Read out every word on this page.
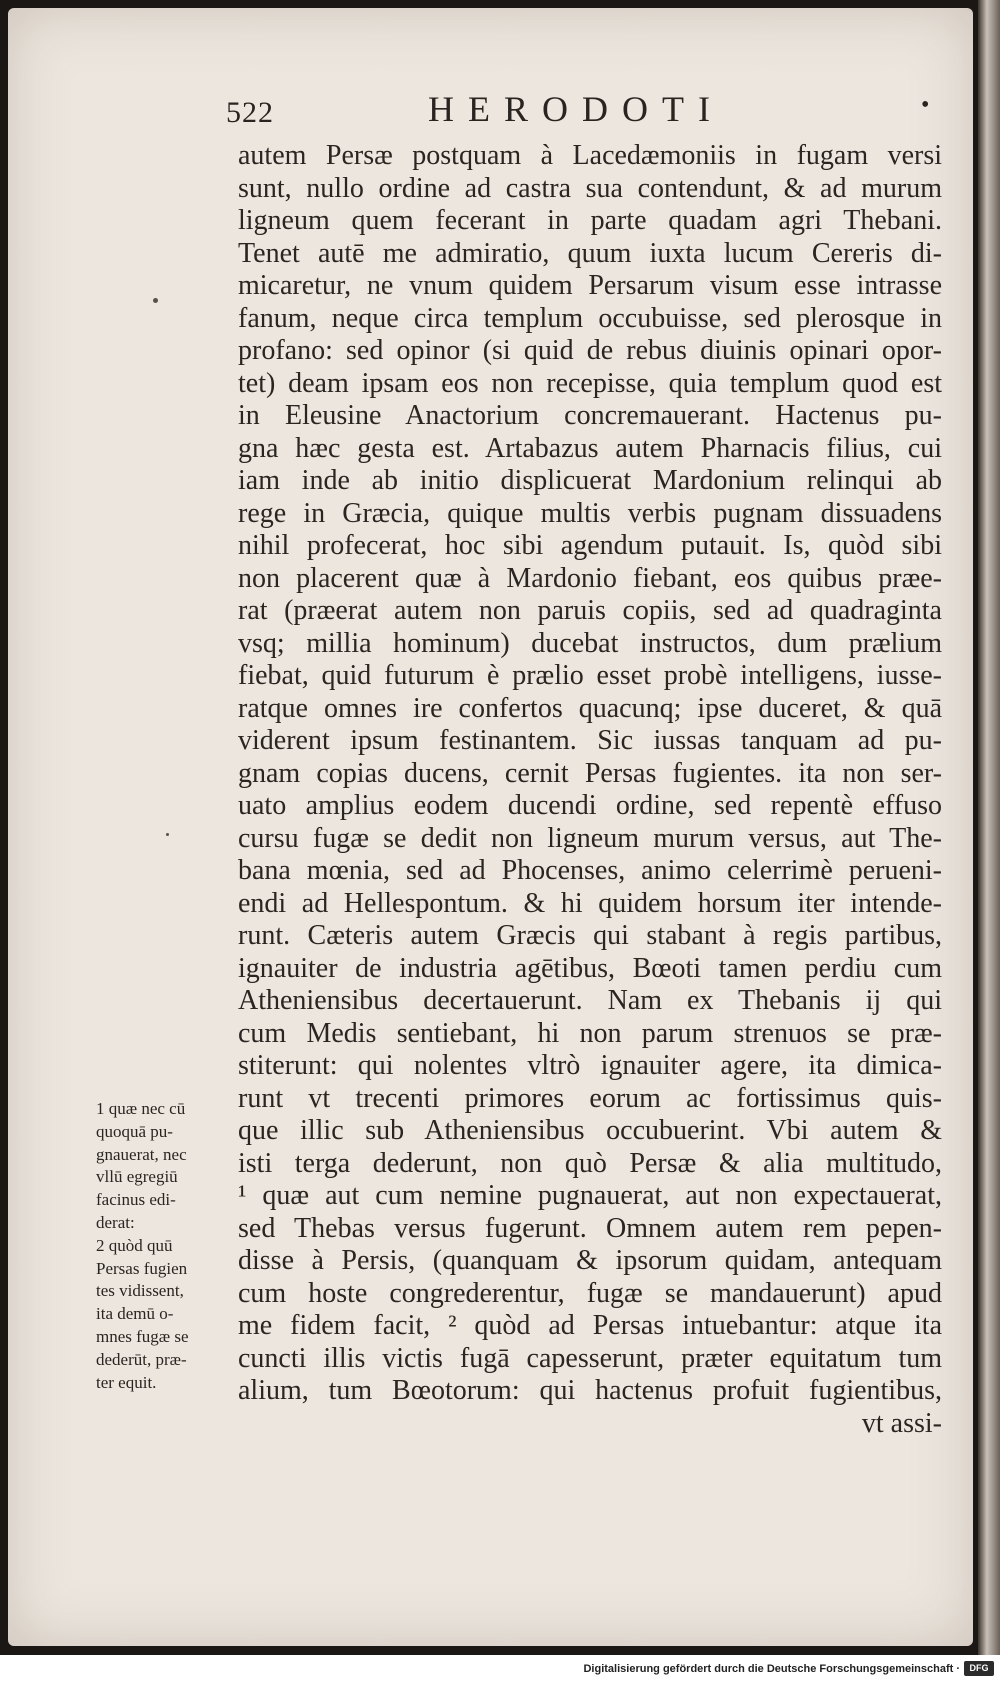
522	HERODOTI	•
autem Persæ postquam à Lacedæmoniis in fugam versi
sunt, nullo ordine ad castra sua contendunt, & ad murum
ligneum quem fecerant in parte quadam agri Thebani.
Tenet autē me admiratio, quum iuxta lucum Cereris di-
micaretur, ne vnum quidem Persarum visum esse intrasse
fanum, neque circa templum occubuisse, sed plerosque in
profano: sed opinor (si quid de rebus diuinis opinari opor-
tet) deam ipsam eos non recepisse, quia templum quod est
in Eleusine Anactorium concremauerant. Hactenus pu-
gna hæc gesta est. Artabazus autem Pharnacis filius, cui
iam inde ab initio displicuerat Mardonium relinqui ab
rege in Græcia, quique multis verbis pugnam dissuadens
nihil profecerat, hoc sibi agendum putauit. Is, quòd sibi
non placerent quæ à Mardonio fiebant, eos quibus præe-
rat (præerat autem non paruis copiis, sed ad quadraginta
vsq; millia hominum) ducebat instructos, dum prælium
fiebat, quid futurum è prælio esset probè intelligens, iusse-
ratque omnes ire confertos quacunq; ipse duceret, & quā
viderent ipsum festinantem. Sic iussas tanquam ad pu-
gnam copias ducens, cernit Persas fugientes. ita non ser-
uato amplius eodem ducendi ordine, sed repentè effuso
cursu fugæ se dedit non ligneum murum versus, aut The-
bana mœnia, sed ad Phocenses, animo celerrimè perueni-
endi ad Hellespontum. & hi quidem horsum iter intende-
runt. Cæteris autem Græcis qui stabant à regis partibus,
ignauiter de industria agētibus, Bœoti tamen perdiu cum
Atheniensibus decertauerunt. Nam ex Thebanis ij qui
cum Medis sentiebant, hi non parum strenuos se præ-
stiterunt: qui nolentes vltrò ignauiter agere, ita dimica-
runt vt trecenti primores eorum ac fortissimus quis-
que illic sub Atheniensibus occubuerint. Vbi autem &
isti terga dederunt, non quò Persæ & alia multitudo,
¹ quæ aut cum nemine pugnauerat, aut non expectauerat,
sed Thebas versus fugerunt. Omnem autem rem pepen-
disse à Persis, (quanquam & ipsorum quidam, antequam
cum hoste congrederentur, fugæ se mandauerunt) apud
me fidem facit, ² quòd ad Persas intuebantur: atque ita
cuncti illis victis fugā capesserunt, præter equitatum tum
alium, tum Bœotorum: qui hactenus profuit fugientibus,
vt assi-
1 quæ nec cū
quoquā pu-
gnauerat, nec
vllū egregiū
facinus edi-
derat:
2 quòd quū
Persas fugien
tes vidissent,
ita demū o-
mnes fugæ se
dederūt, præ-
ter equit.
Digitalisierung gefördert durch die Deutsche Forschungsgemeinschaft ·	DFG
